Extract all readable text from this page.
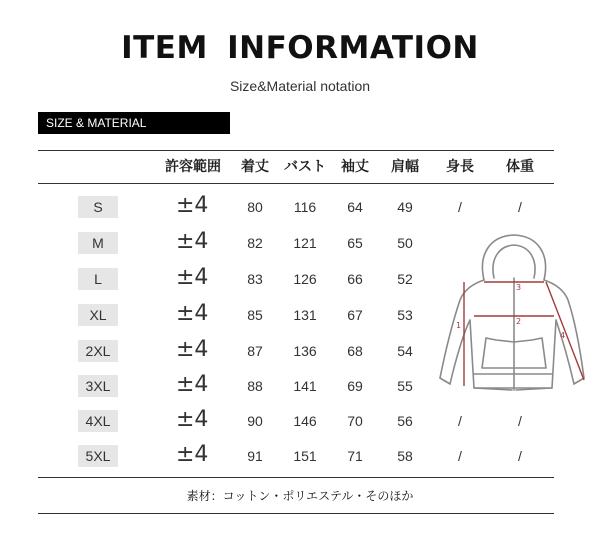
ITEM INFORMATION
Size&Material notation
SIZE & MATERIAL
許容範囲 着丈 バスト 袖丈 肩幅 身長 体重
S	±4	80 116 64 49	/	/
M	±4	82 121 65 50
L	±4	83 126 66 52
XL	±4	85 131 67 53
2XL	±4	87 136 68 54
3XL	±4	88 141 69 55
4XL	±4	90 146 70 56	/	/
5XL	±4	91 151 71 58	/	/
1	2
3
4
素材：コットン・ポリエステル・そのほか
